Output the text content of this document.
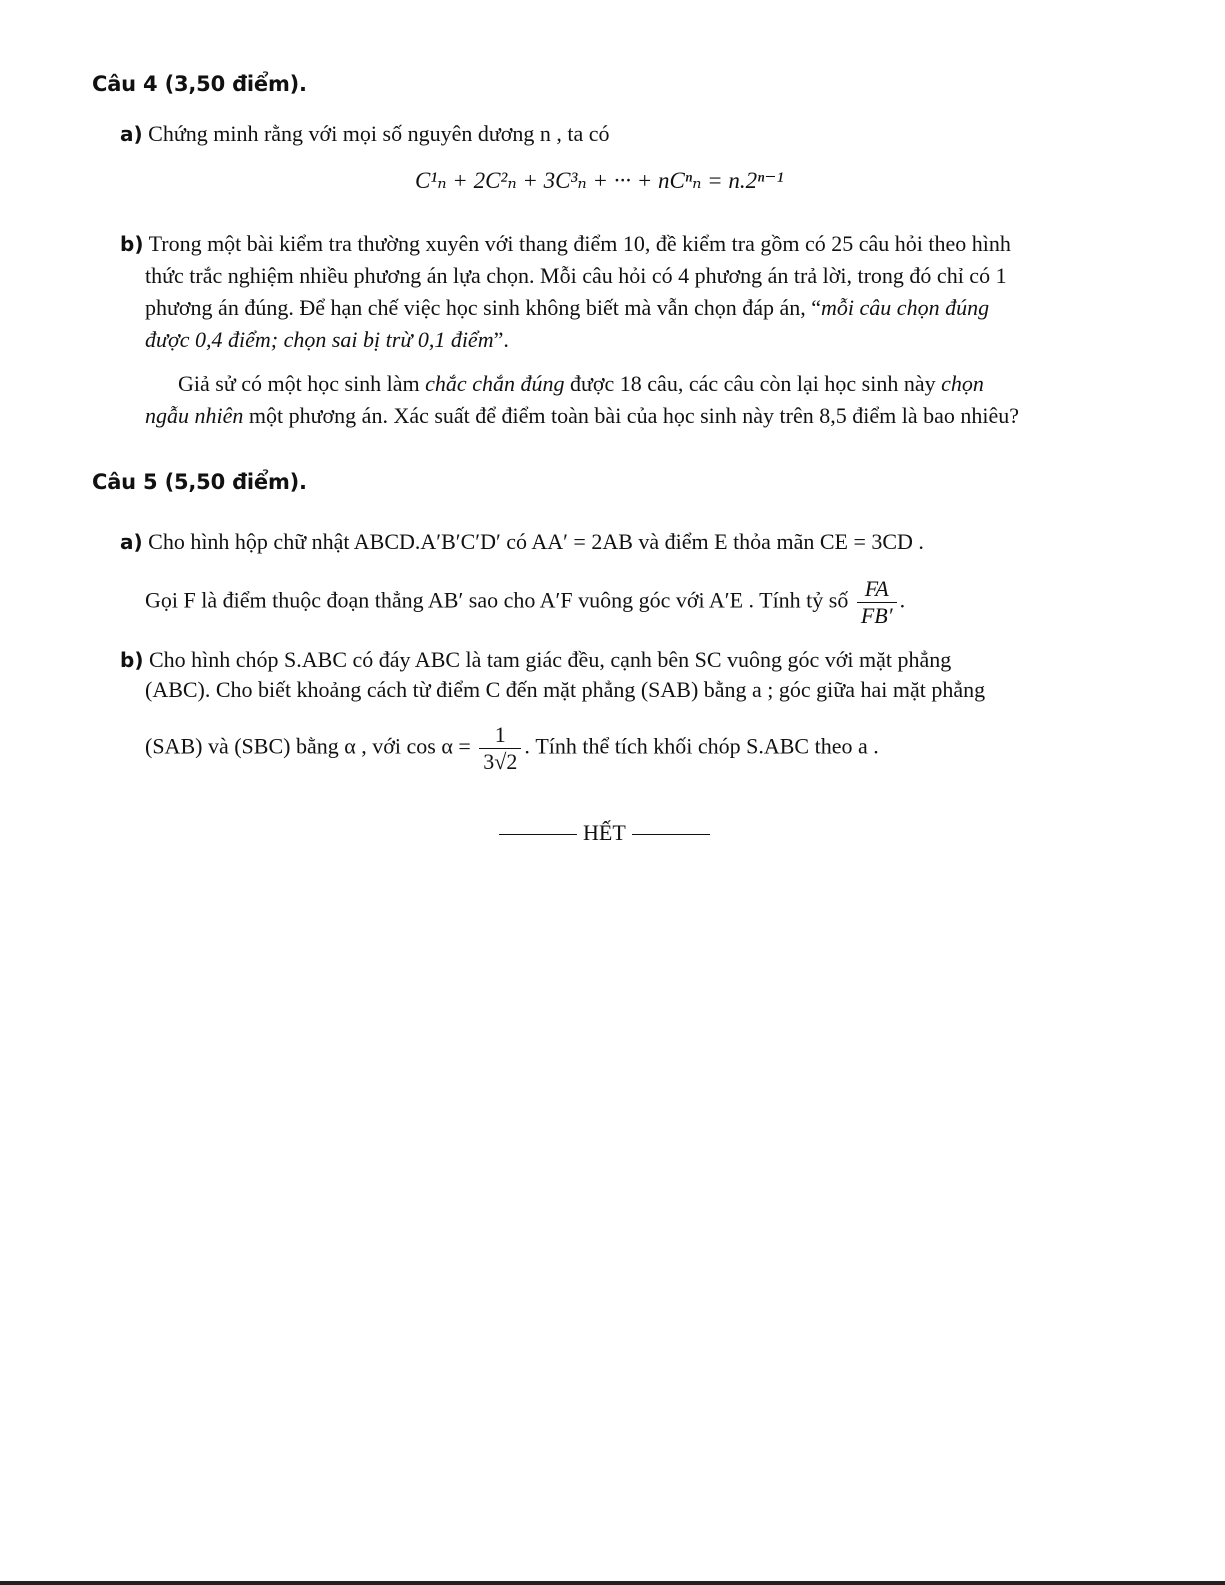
Câu 4 (3,50 điểm).
a) Chứng minh rằng với mọi số nguyên dương n , ta có
C¹ₙ + 2C²ₙ + 3C³ₙ + ··· + nCⁿₙ = n.2ⁿ⁻¹
b) Trong một bài kiểm tra thường xuyên với thang điểm 10, đề kiểm tra gồm có 25 câu hỏi theo hình
thức trắc nghiệm nhiều phương án lựa chọn. Mỗi câu hỏi có 4 phương án trả lời, trong đó chỉ có 1
phương án đúng. Để hạn chế việc học sinh không biết mà vẫn chọn đáp án, “mỗi câu chọn đúng
được 0,4 điểm; chọn sai bị trừ 0,1 điểm”.
Giả sử có một học sinh làm chắc chắn đúng được 18 câu, các câu còn lại học sinh này chọn
ngẫu nhiên một phương án. Xác suất để điểm toàn bài của học sinh này trên 8,5 điểm là bao nhiêu?
Câu 5 (5,50 điểm).
a) Cho hình hộp chữ nhật ABCD.A′B′C′D′ có AA′ = 2AB và điểm E thỏa mãn CE = 3CD .
Gọi F là điểm thuộc đoạn thẳng AB′ sao cho A′F vuông góc với A′E . Tính tỷ số $\frac{FA}{FB'}$ .
b) Cho hình chóp S.ABC có đáy ABC là tam giác đều, cạnh bên SC vuông góc với mặt phẳng
(ABC). Cho biết khoảng cách từ điểm C đến mặt phẳng (SAB) bằng a ; góc giữa hai mặt phẳng
(SAB) và (SBC) bằng α , với $\cos \alpha = \frac{1}{3√2}$ . Tính thể tích khối chóp S.ABC theo a .
HẾT
